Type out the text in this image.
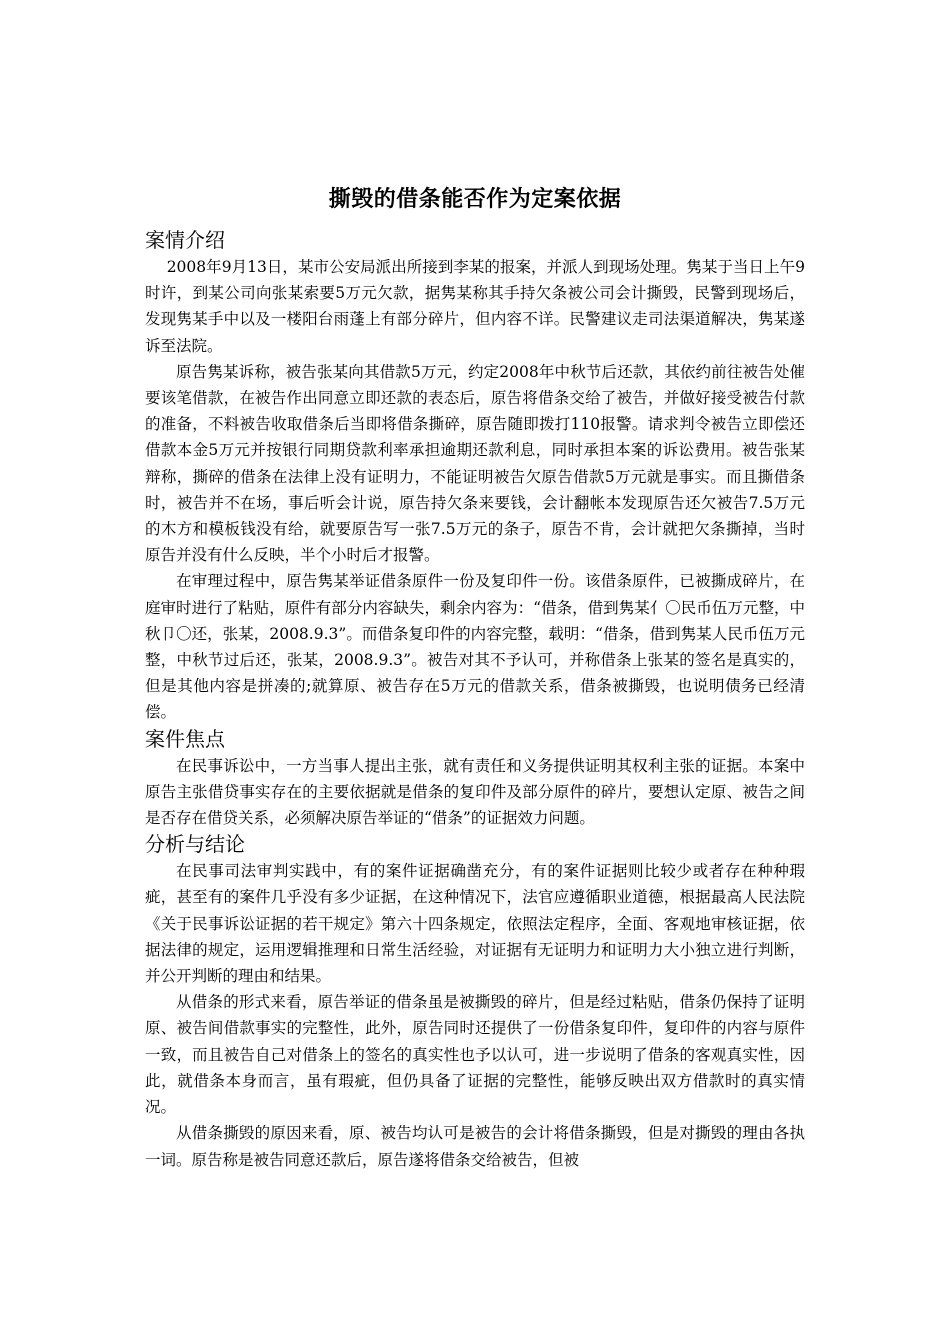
撕毁的借条能否作为定案依据
案情介绍

2008年9月13日，某市公安局派出所接到李某的报案，并派人到现场处理。隽某于当日上午9时许，到某公司向张某索要5万元欠款，据隽某称其手持欠条被公司会计撕毁，民警到现场后，发现隽某手中以及一楼阳台雨蓬上有部分碎片，但内容不详。民警建议走司法渠道解决，隽某遂诉至法院。

原告隽某诉称，被告张某向其借款5万元，约定2008年中秋节后还款，其依约前往被告处催要该笔借款，在被告作出同意立即还款的表态后，原告将借条交给了被告，并做好接受被告付款的准备，不料被告收取借条后当即将借条撕碎，原告随即拨打110报警。请求判令被告立即偿还借款本金5万元并按银行同期贷款利率承担逾期还款利息，同时承担本案的诉讼费用。被告张某辩称，撕碎的借条在法律上没有证明力，不能证明被告欠原告借款5万元就是事实。而且撕借条时，被告并不在场，事后听会计说，原告持欠条来要钱，会计翻帐本发现原告还欠被告7.5万元的木方和模板钱没有给，就要原告写一张7.5万元的条子，原告不肯，会计就把欠条撕掉，当时原告并没有什么反映，半个小时后才报警。

在审理过程中，原告隽某举证借条原件一份及复印件一份。该借条原件，已被撕成碎片，在庭审时进行了粘贴，原件有部分内容缺失，剩余内容为：“借条，借到隽某亻〇民币伍万元整，中秋卩〇还，张某，2008.9.3”。而借条复印件的内容完整，载明：“借条，借到隽某人民币伍万元整，中秋节过后还，张某，2008.9.3”。被告对其不予认可，并称借条上张某的签名是真实的，但是其他内容是拼凑的;就算原、被告存在5万元的借款关系，借条被撕毁，也说明债务已经清偿。

案件焦点

在民事诉讼中，一方当事人提出主张，就有责任和义务提供证明其权利主张的证据。本案中原告主张借贷事实存在的主要依据就是借条的复印件及部分原件的碎片，要想认定原、被告之间是否存在借贷关系，必须解决原告举证的“借条”的证据效力问题。

分析与结论

在民事司法审判实践中，有的案件证据确凿充分，有的案件证据则比较少或者存在种种瑕疵，甚至有的案件几乎没有多少证据，在这种情况下，法官应遵循职业道德，根据最高人民法院《关于民事诉讼证据的若干规定》第六十四条规定，依照法定程序，全面、客观地审核证据，依据法律的规定，运用逻辑推理和日常生活经验，对证据有无证明力和证明力大小独立进行判断，并公开判断的理由和结果。

从借条的形式来看，原告举证的借条虽是被撕毁的碎片，但是经过粘贴，借条仍保持了证明原、被告间借款事实的完整性，此外，原告同时还提供了一份借条复印件，复印件的内容与原件一致，而且被告自己对借条上的签名的真实性也予以认可，进一步说明了借条的客观真实性，因此，就借条本身而言，虽有瑕疵，但仍具备了证据的完整性，能够反映出双方借款时的真实情况。

从借条撕毁的原因来看，原、被告均认可是被告的会计将借条撕毁，但是对撕毁的理由各执一词。原告称是被告同意还款后，原告遂将借条交给被告，但被
